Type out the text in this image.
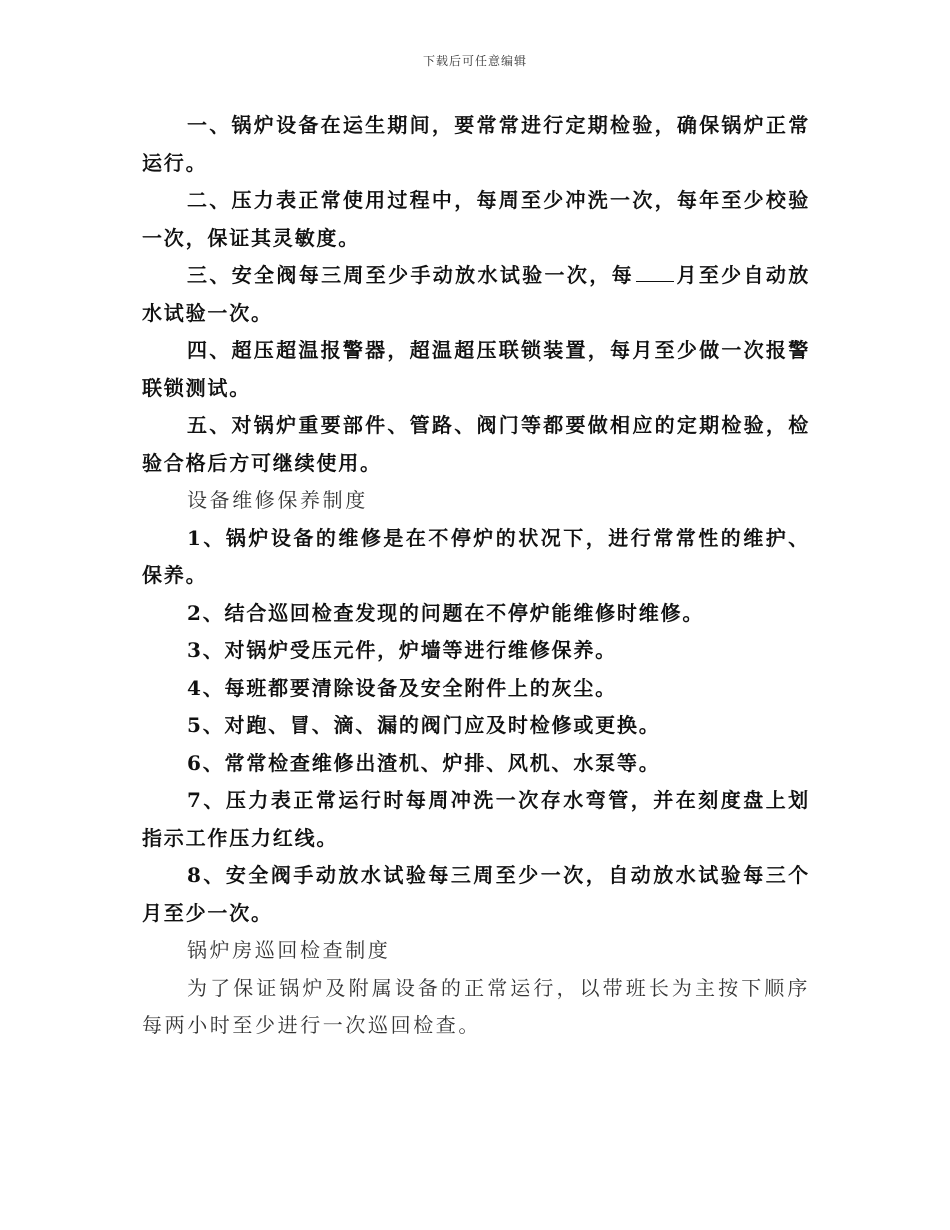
下载后可任意编辑

一、锅炉设备在运生期间，要常常进行定期检验，确保锅炉正常运行。

二、压力表正常使用过程中，每周至少冲洗一次，每年至少校验一次，保证其灵敏度。

三、安全阀每三周至少手动放水试验一次，每 月至少自动放水试验一次。

四、超压超温报警器，超温超压联锁装置，每月至少做一次报警联锁测试。

五、对锅炉重要部件、管路、阀门等都要做相应的定期检验，检验合格后方可继续使用。

设备维修保养制度

1、锅炉设备的维修是在不停炉的状况下，进行常常性的维护、保养。

2、结合巡回检查发现的问题在不停炉能维修时维修。

3、对锅炉受压元件，炉墙等进行维修保养。

4、每班都要清除设备及安全附件上的灰尘。

5、对跑、冒、滴、漏的阀门应及时检修或更换。

6、常常检查维修出渣机、炉排、风机、水泵等。

7、压力表正常运行时每周冲洗一次存水弯管，并在刻度盘上划指示工作压力红线。

8、安全阀手动放水试验每三周至少一次，自动放水试验每三个月至少一次。

锅炉房巡回检查制度

为了保证锅炉及附属设备的正常运行，以带班长为主按下顺序每两小时至少进行一次巡回检查。
